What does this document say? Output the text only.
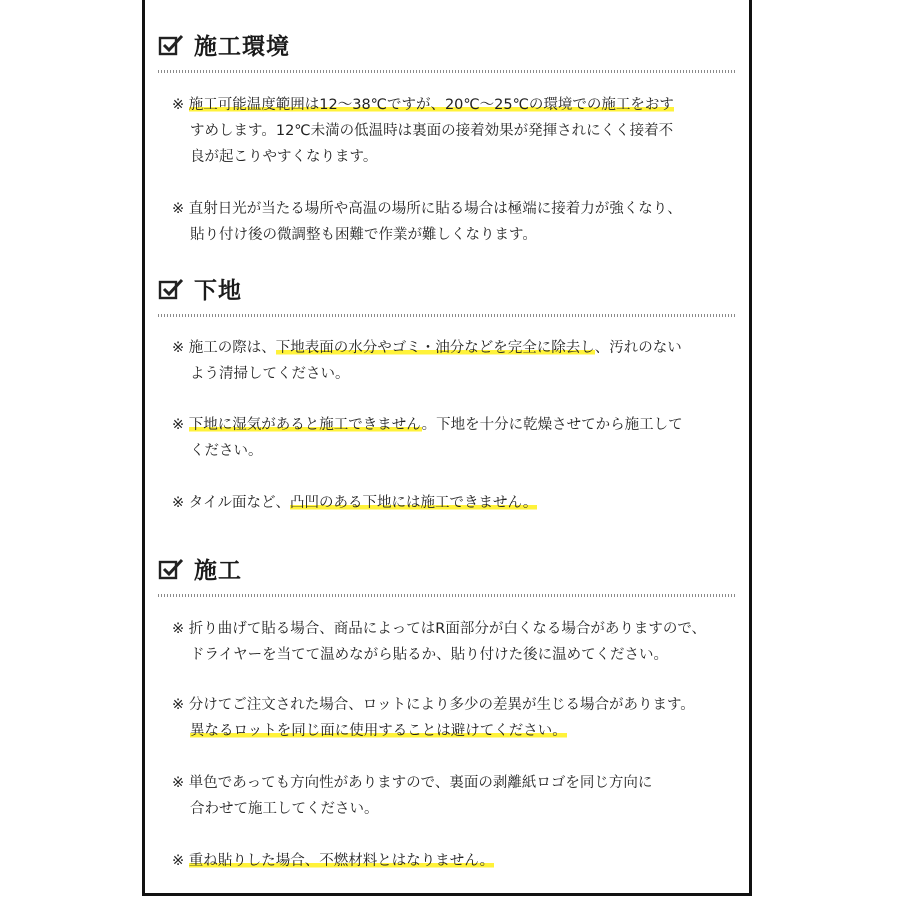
施工環境
※ 施工可能温度範囲は12～38℃ですが、20℃～25℃の環境での施工をおす
すめします。12℃未満の低温時は裏面の接着効果が発揮されにくく接着不
良が起こりやすくなります。
※ 直射日光が当たる場所や高温の場所に貼る場合は極端に接着力が強くなり、
貼り付け後の微調整も困難で作業が難しくなります。
下地
※ 施工の際は、下地表面の水分やゴミ・油分などを完全に除去し、汚れのない
よう清掃してください。
※ 下地に湿気があると施工できません。下地を十分に乾燥させてから施工して
ください。
※ タイル面など、凸凹のある下地には施工できません。
施工
※ 折り曲げて貼る場合、商品によってはR面部分が白くなる場合がありますので、
ドライヤーを当てて温めながら貼るか、貼り付けた後に温めてください。
※ 分けてご注文された場合、ロットにより多少の差異が生じる場合があります。
異なるロットを同じ面に使用することは避けてください。
※ 単色であっても方向性がありますので、裏面の剥離紙ロゴを同じ方向に
合わせて施工してください。
※ 重ね貼りした場合、不燃材料とはなりません。
